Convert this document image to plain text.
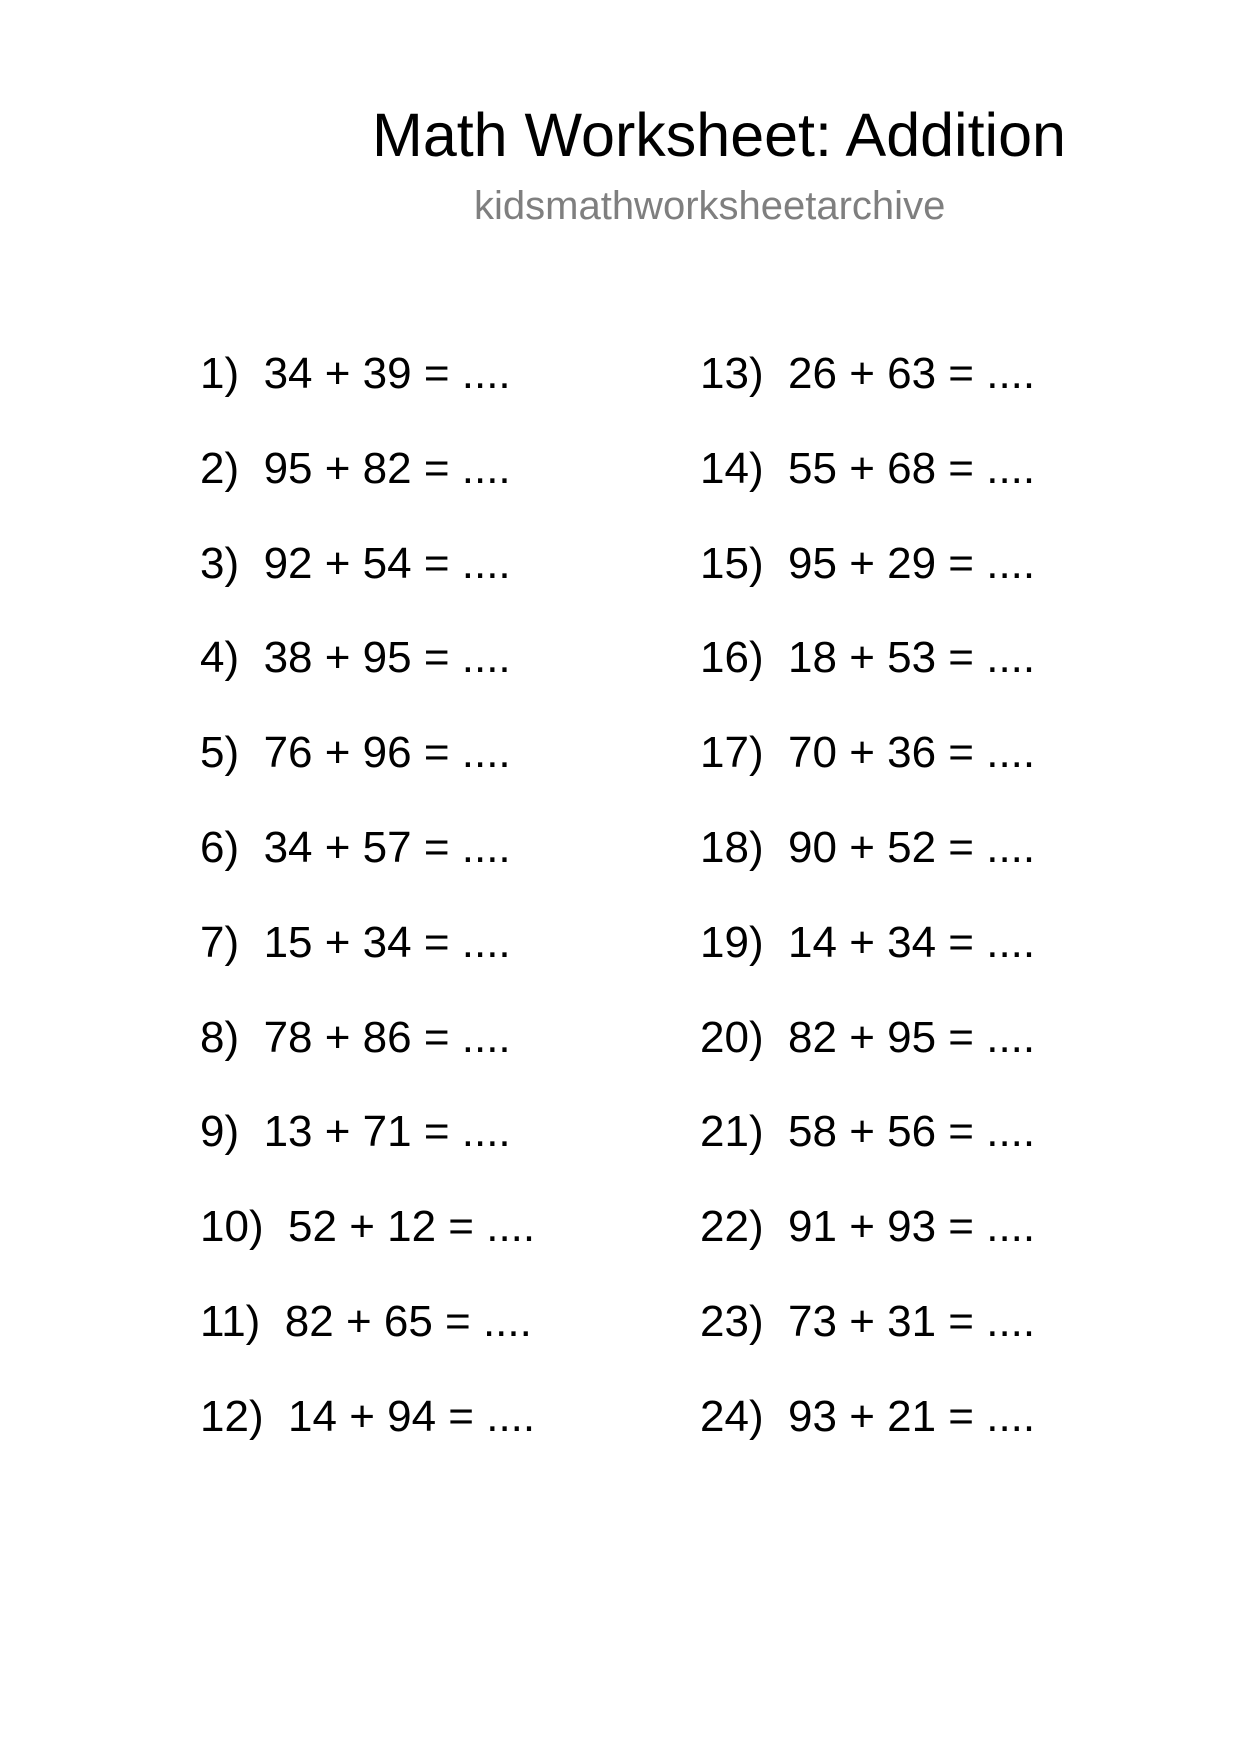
Math Worksheet: Addition
kidsmathworksheetarchive
1) 34 + 39 = ....
2) 95 + 82 = ....
3) 92 + 54 = ....
4) 38 + 95 = ....
5) 76 + 96 = ....
6) 34 + 57 = ....
7) 15 + 34 = ....
8) 78 + 86 = ....
9) 13 + 71 = ....
10) 52 + 12 = ....
11) 82 + 65 = ....
12) 14 + 94 = ....
13) 26 + 63 = ....
14) 55 + 68 = ....
15) 95 + 29 = ....
16) 18 + 53 = ....
17) 70 + 36 = ....
18) 90 + 52 = ....
19) 14 + 34 = ....
20) 82 + 95 = ....
21) 58 + 56 = ....
22) 91 + 93 = ....
23) 73 + 31 = ....
24) 93 + 21 = ....
